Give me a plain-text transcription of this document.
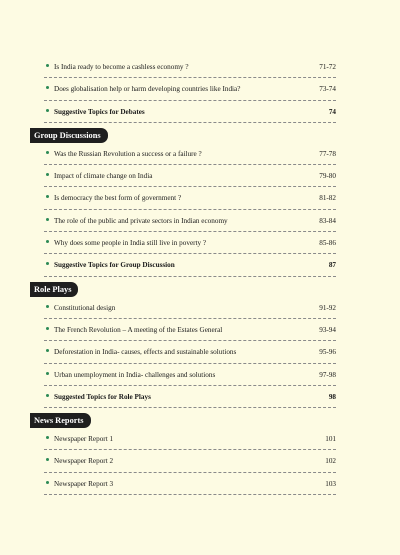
Is India ready to become a cashless economy ?	71-72
Does globalisation help or harm developing countries like India?	73-74
Suggestive Topics for Debates	74
Group Discussions
Was the Russian Revolution a success or a failure ?	77-78
Impact of climate change on India	79-80
Is democracy the best form of government ?	81-82
The role of the public and private sectors in Indian economy	83-84
Why does some people in India still live in poverty ?	85-86
Suggestive Topics for Group Discussion	87
Role Plays
Constitutional design	91-92
The French Revolution – A meeting of the Estates General	93-94
Deforestation in India- causes, effects and sustainable solutions	95-96
Urban unemployment in India- challenges and solutions	97-98
Suggested Topics for Role Plays	98
News Reports
Newspaper Report 1	101
Newspaper Report 2	102
Newspaper Report 3	103
